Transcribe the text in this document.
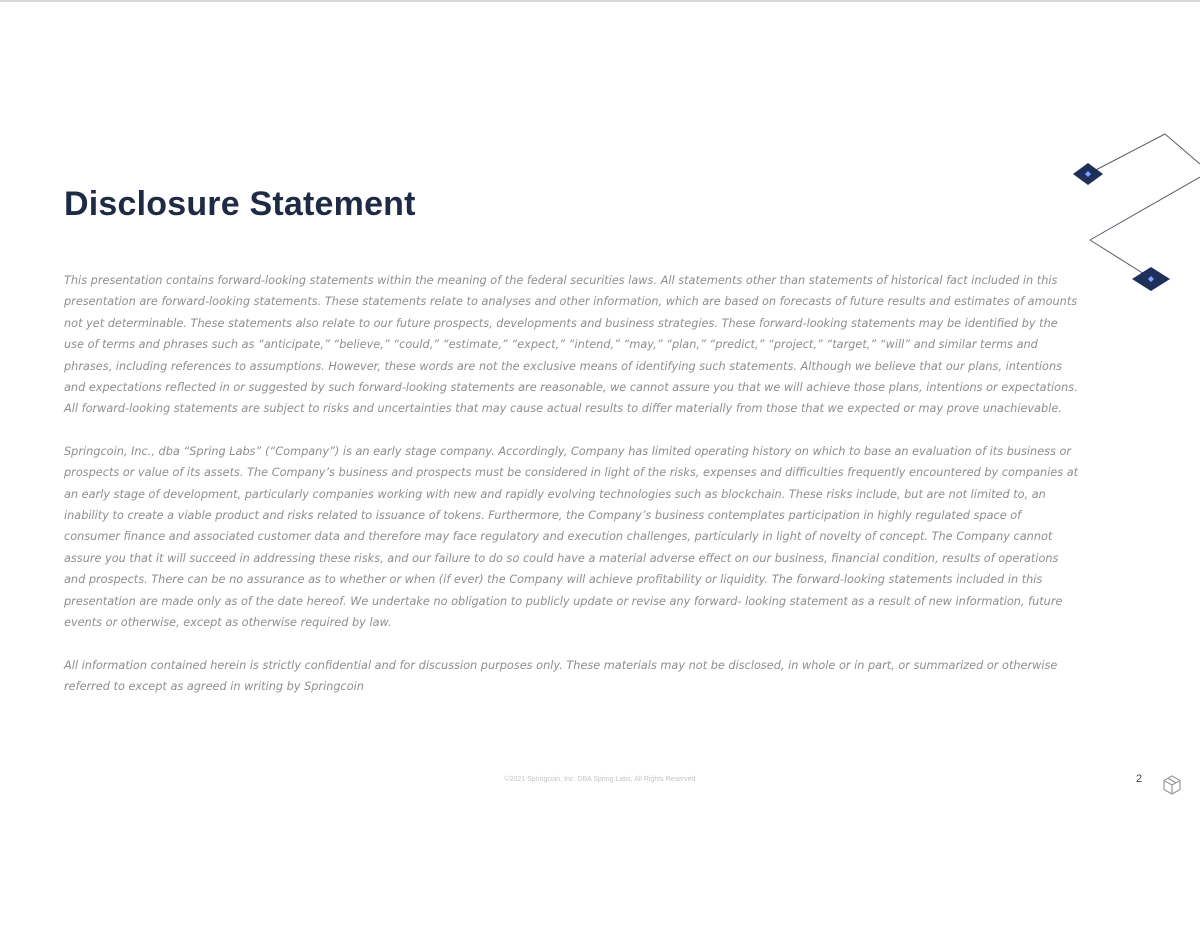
Disclosure Statement

This presentation contains forward-looking statements within the meaning of the federal securities laws. All statements other than statements of historical fact included in this presentation are forward-looking statements. These statements relate to analyses and other information, which are based on forecasts of future results and estimates of amounts not yet determinable. These statements also relate to our future prospects, developments and business strategies. These forward-looking statements may be identified by the use of terms and phrases such as “anticipate,” “believe,” “could,” “estimate,” “expect,” “intend,” “may,” “plan,” “predict,” “project,” “target,” “will” and similar terms and phrases, including references to assumptions. However, these words are not the exclusive means of identifying such statements. Although we believe that our plans, intentions and expectations reflected in or suggested by such forward-looking statements are reasonable, we cannot assure you that we will achieve those plans, intentions or expectations. All forward-looking statements are subject to risks and uncertainties that may cause actual results to differ materially from those that we expected or may prove unachievable.

Springcoin, Inc., dba “Spring Labs” (“Company”) is an early stage company. Accordingly, Company has limited operating history on which to base an evaluation of its business or prospects or value of its assets. The Company’s business and prospects must be considered in light of the risks, expenses and difficulties frequently encountered by companies at an early stage of development, particularly companies working with new and rapidly evolving technologies such as blockchain. These risks include, but are not limited to, an inability to create a viable product and risks related to issuance of tokens. Furthermore, the Company’s business contemplates participation in highly regulated space of consumer finance and associated customer data and therefore may face regulatory and execution challenges, particularly in light of novelty of concept. The Company cannot assure you that it will succeed in addressing these risks, and our failure to do so could have a material adverse effect on our business, financial condition, results of operations and prospects. There can be no assurance as to whether or when (if ever) the Company will achieve profitability or liquidity. The forward-looking statements included in this presentation are made only as of the date hereof. We undertake no obligation to publicly update or revise any forward- looking statement as a result of new information, future events or otherwise, except as otherwise required by law.

All information contained herein is strictly confidential and for discussion purposes only. These materials may not be disclosed, in whole or in part, or summarized or otherwise referred to except as agreed in writing by Springcoin

©2021 Springcoin, Inc. DBA Spring Labs, All Rights Reserved	2
